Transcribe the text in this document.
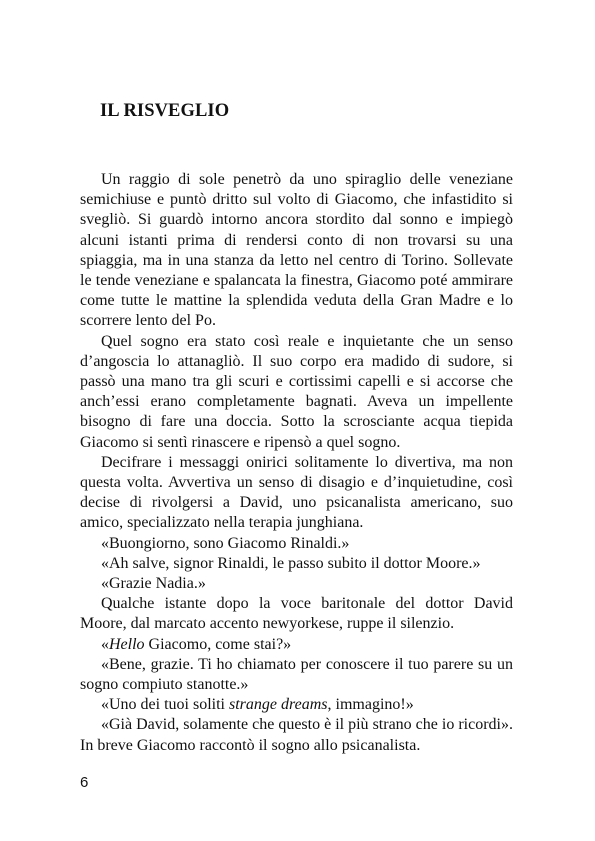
IL RISVEGLIO

Un raggio di sole penetrò da uno spiraglio delle veneziane semichiuse e puntò dritto sul volto di Giacomo, che infastidito si svegliò. Si guardò intorno ancora stordito dal sonno e impiegò alcuni istanti prima di rendersi conto di non trovarsi su una spiaggia, ma in una stanza da letto nel centro di Torino. Sollevate le tende veneziane e spalancata la finestra, Giacomo poté ammirare come tutte le mattine la splendida veduta della Gran Madre e lo scorrere lento del Po.

Quel sogno era stato così reale e inquietante che un senso d’angoscia lo attanagliò. Il suo corpo era madido di sudore, si passò una mano tra gli scuri e cortissimi capelli e si accorse che anch’essi erano completamente bagnati. Aveva un impellente bisogno di fare una doccia. Sotto la scrosciante acqua tiepida Giacomo si sentì rinascere e ripensò a quel sogno.

Decifrare i messaggi onirici solitamente lo divertiva, ma non questa volta. Avvertiva un senso di disagio e d’inquietudine, così decise di rivolgersi a David, uno psicanalista americano, suo amico, specializzato nella terapia junghiana.

«Buongiorno, sono Giacomo Rinaldi.»

«Ah salve, signor Rinaldi, le passo subito il dottor Moore.»

«Grazie Nadia.»

Qualche istante dopo la voce baritonale del dottor David Moore, dal marcato accento newyorkese, ruppe il silenzio.

«Hello Giacomo, come stai?»

«Bene, grazie. Ti ho chiamato per conoscere il tuo parere su un sogno compiuto stanotte.»

«Uno dei tuoi soliti strange dreams, immagino!»

«Già David, solamente che questo è il più strano che io ricordi». In breve Giacomo raccontò il sogno allo psicanalista.

6
